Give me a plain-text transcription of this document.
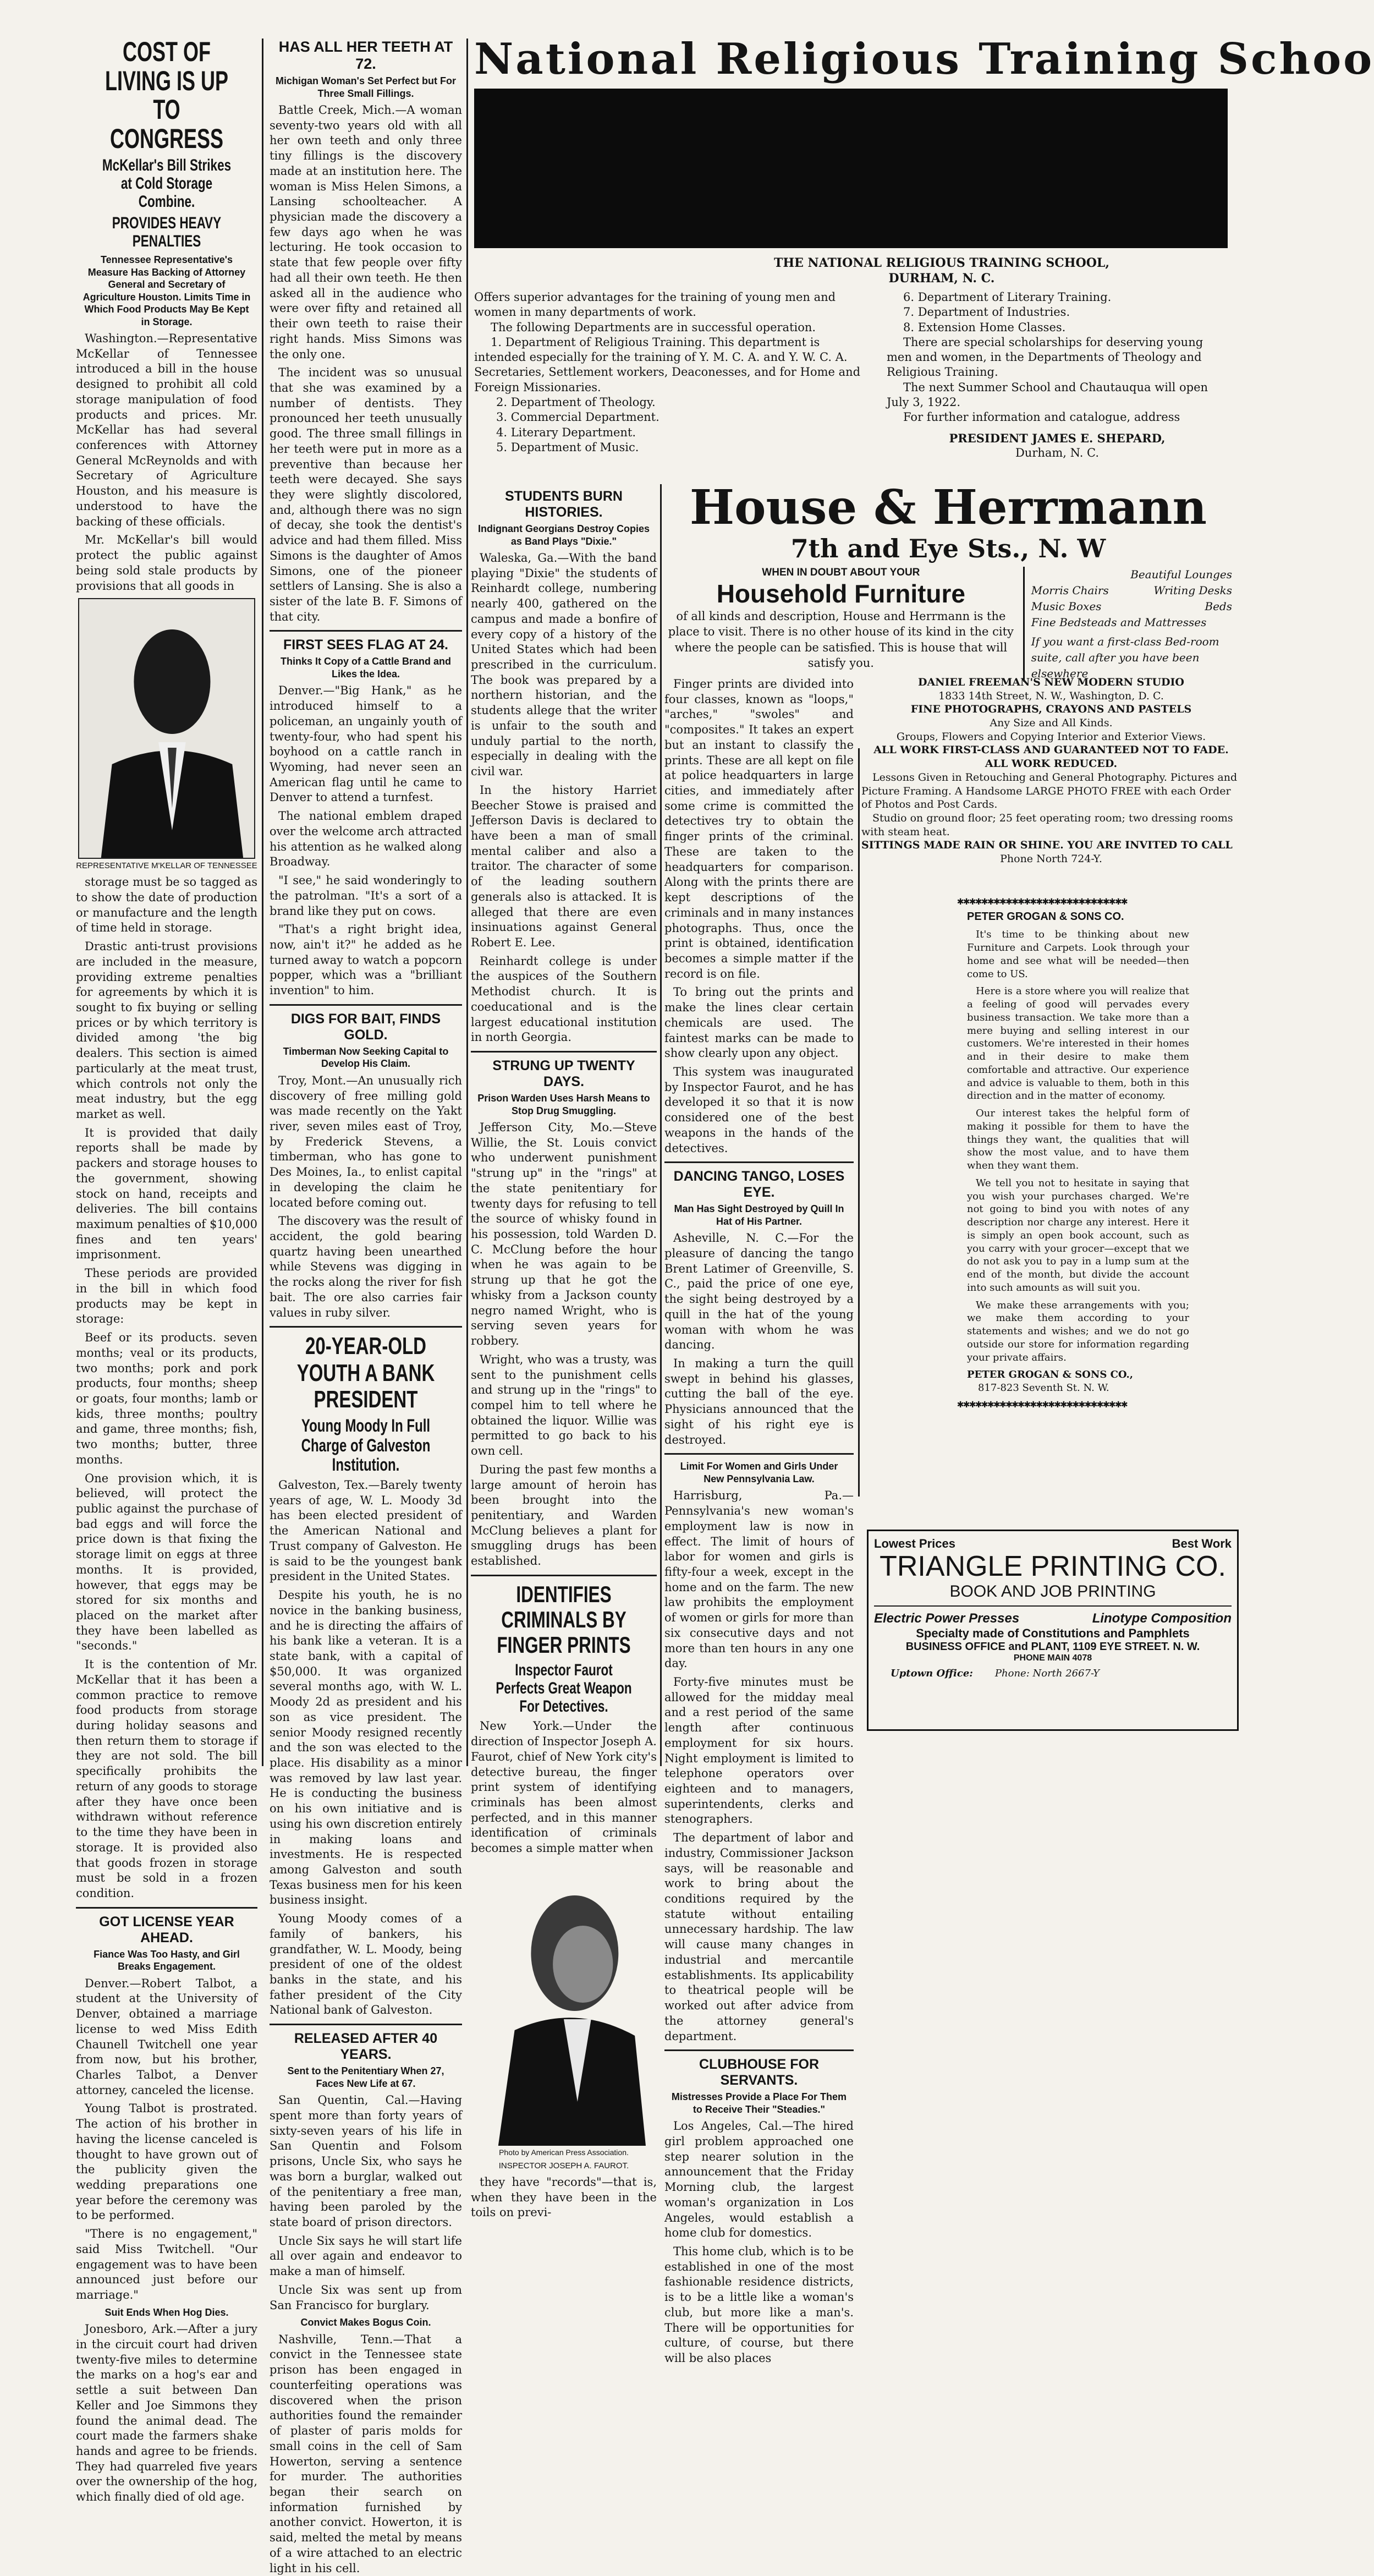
COST OF LIVING IS UP TO CONGRESS
McKellar's Bill Strikes at Cold Storage Combine.
PROVIDES HEAVY PENALTIES
Tennessee Representative's Measure Has Backing of Attorney General and Secretary of Agriculture Houston. Limits Time in Which Food Products May Be Kept in Storage.

Washington.—Representative McKellar of Tennessee introduced a bill in the house designed to prohibit all cold storage manipulation of food products and prices. Mr. McKellar has had several conferences with Attorney General McReynolds and with Secretary of Agriculture Houston, and his measure is understood to have the backing of these officials.

Mr. McKellar's bill would protect the public against being sold stale products by provisions that all goods in

REPRESENTATIVE M'KELLAR OF TENNESSEE

storage must be so tagged as to show the date of production or manufacture and the length of time held in storage.

Drastic anti-trust provisions are included in the measure, providing extreme penalties for agreements by which it is sought to fix buying or selling prices or by which territory is divided among 'the big dealers. This section is aimed particularly at the meat trust, which controls not only the meat industry, but the egg market as well.

It is provided that daily reports shall be made by packers and storage houses to the government, showing stock on hand, receipts and deliveries. The bill contains maximum penalties of $10,000 fines and ten years' imprisonment.

These periods are provided in the bill in which food products may be kept in storage:

Beef or its products. seven months; veal or its products, two months; pork and pork products, four months; sheep or goats, four months; lamb or kids, three months; poultry and game, three months; fish, two months; butter, three months.

One provision which, it is believed, will protect the public against the purchase of bad eggs and will force the price down is that fixing the storage limit on eggs at three months. It is provided, however, that eggs may be stored for six months and placed on the market after they have been labelled as "seconds."

It is the contention of Mr. McKellar that it has been a common practice to remove food products from storage during holiday seasons and then return them to storage if they are not sold. The bill specifically prohibits the return of any goods to storage after they have once been withdrawn without reference to the time they have been in storage. It is provided also that goods frozen in storage must be sold in a frozen condition.

GOT LICENSE YEAR AHEAD.
Fiance Was Too Hasty, and Girl Breaks Engagement.

Denver.—Robert Talbot, a student at the University of Denver, obtained a marriage license to wed Miss Edith Chaunell Twitchell one year from now, but his brother, Charles Talbot, a Denver attorney, canceled the license.

Young Talbot is prostrated. The action of his brother in having the license canceled is thought to have grown out of the publicity given the wedding preparations one year before the ceremony was to be performed.

"There is no engagement," said Miss Twitchell. "Our engagement was to have been announced just before our marriage."

Suit Ends When Hog Dies.

Jonesboro, Ark.—After a jury in the circuit court had driven twenty-five miles to determine the marks on a hog's ear and settle a suit between Dan Keller and Joe Simmons they found the animal dead. The court made the farmers shake hands and agree to be friends. They had quarreled five years over the ownership of the hog, which finally died of old age.

HAS ALL HER TEETH AT 72.
Michigan Woman's Set Perfect but For Three Small Fillings.

Battle Creek, Mich.—A woman seventy-two years old with all her own teeth and only three tiny fillings is the discovery made at an institution here. The woman is Miss Helen Simons, a Lansing schoolteacher. A physician made the discovery a few days ago when he was lecturing. He took occasion to state that few people over fifty had all their own teeth. He then asked all in the audience who were over fifty and retained all their own teeth to raise their right hands. Miss Simons was the only one.

The incident was so unusual that she was examined by a number of dentists. They pronounced her teeth unusually good. The three small fillings in her teeth were put in more as a preventive than because her teeth were decayed. She says they were slightly discolored, and, although there was no sign of decay, she took the dentist's advice and had them filled. Miss Simons is the daughter of Amos Simons, one of the pioneer settlers of Lansing. She is also a sister of the late B. F. Simons of that city.

FIRST SEES FLAG AT 24.
Thinks It Copy of a Cattle Brand and Likes the Idea.

Denver.—"Big Hank," as he introduced himself to a policeman, an ungainly youth of twenty-four, who had spent his boyhood on a cattle ranch in Wyoming, had never seen an American flag until he came to Denver to attend a turnfest.

The national emblem draped over the welcome arch attracted his attention as he walked along Broadway.

"I see," he said wonderingly to the patrolman. "It's a sort of a brand like they put on cows.

"That's a right bright idea, now, ain't it?" he added as he turned away to watch a popcorn popper, which was a "brilliant invention" to him.

DIGS FOR BAIT, FINDS GOLD.
Timberman Now Seeking Capital to Develop His Claim.

Troy, Mont.—An unusually rich discovery of free milling gold was made recently on the Yakt river, seven miles east of Troy, by Frederick Stevens, a timberman, who has gone to Des Moines, Ia., to enlist capital in developing the claim he located before coming out.

The discovery was the result of accident, the gold bearing quartz having been unearthed while Stevens was digging in the rocks along the river for fish bait. The ore also carries fair values in ruby silver.

20-YEAR-OLD YOUTH A BANK PRESIDENT
Young Moody In Full Charge of Galveston Institution.

Galveston, Tex.—Barely twenty years of age, W. L. Moody 3d has been elected president of the American National and Trust company of Galveston. He is said to be the youngest bank president in the United States.

Despite his youth, he is no novice in the banking business, and he is directing the affairs of his bank like a veteran. It is a state bank, with a capital of $50,000. It was organized several months ago, with W. L. Moody 2d as president and his son as vice president. The senior Moody resigned recently and the son was elected to the place. His disability as a minor was removed by law last year. He is conducting the business on his own initiative and is using his own discretion entirely in making loans and investments. He is respected among Galveston and south Texas business men for his keen business insight.

Young Moody comes of a family of bankers, his grandfather, W. L. Moody, being president of one of the oldest banks in the state, and his father president of the City National bank of Galveston.

RELEASED AFTER 40 YEARS.
Sent to the Penitentiary When 27, Faces New Life at 67.

San Quentin, Cal.—Having spent more than forty years of sixty-seven years of his life in San Quentin and Folsom prisons, Uncle Six, who says he was born a burglar, walked out of the penitentiary a free man, having been paroled by the state board of prison directors.

Uncle Six says he will start life all over again and endeavor to make a man of himself.

Uncle Six was sent up from San Francisco for burglary.

Convict Makes Bogus Coin.

Nashville, Tenn.—That a convict in the Tennessee state prison has been engaged in counterfeiting operations was discovered when the prison authorities found the remainder of plaster of paris molds for small coins in the cell of Sam Howerton, serving a sentence for murder. The authorities began their search on information furnished by another convict. Howerton, it is said, melted the metal by means of a wire attached to an electric light in his cell.

National Religious Training Schoo
THE NATIONAL RELIGIOUS TRAINING SCHOOL,
DURHAM, N. C.
Offers superior advantages for the training of young men and women in many departments of work.
The following Departments are in successful operation.
1. Department of Religious Training. This department is intended especially for the training of Y. M. C. A. and Y. W. C. A. Secretaries, Settlement workers, Deaconesses, and for Home and Foreign Missionaries.
2. Department of Theology.
3. Commercial Department.
4. Literary Department.
5. Department of Music.
6. Department of Literary Training.
7. Department of Industries.
8. Extension Home Classes.
There are special scholarships for deserving young men and women, in the Departments of Theology and Religious Training.
The next Summer School and Chautauqua will open July 3, 1922.
For further information and catalogue, address
PRESIDENT JAMES E. SHEPARD,
Durham, N. C.
STUDENTS BURN HISTORIES.
Indignant Georgians Destroy Copies as Band Plays "Dixie."

Waleska, Ga.—With the band playing "Dixie" the students of Reinhardt college, numbering nearly 400, gathered on the campus and made a bonfire of every copy of a history of the United States which had been prescribed in the curriculum. The book was prepared by a northern historian, and the students allege that the writer is unfair to the south and unduly partial to the north, especially in dealing with the civil war.

In the history Harriet Beecher Stowe is praised and Jefferson Davis is declared to have been a man of small mental caliber and also a traitor. The character of some of the leading southern generals also is attacked. It is alleged that there are even insinuations against General Robert E. Lee.

Reinhardt college is under the auspices of the Southern Methodist church. It is coeducational and is the largest educational institution in north Georgia.

STRUNG UP TWENTY DAYS.
Prison Warden Uses Harsh Means to Stop Drug Smuggling.

Jefferson City, Mo.—Steve Willie, the St. Louis convict who underwent punishment "strung up" in the "rings" at the state penitentiary for twenty days for refusing to tell the source of whisky found in his possession, told Warden D. C. McClung before the hour when he was again to be strung up that he got the whisky from a Jackson county negro named Wright, who is serving seven years for robbery.

Wright, who was a trusty, was sent to the punishment cells and strung up in the "rings" to compel him to tell where he obtained the liquor. Willie was permitted to go back to his own cell.

During the past few months a large amount of heroin has been brought into the penitentiary, and Warden McClung believes a plant for smuggling drugs has been established.

IDENTIFIES CRIMINALS BY FINGER PRINTS
Inspector Faurot Perfects Great Weapon For Detectives.

New York.—Under the direction of Inspector Joseph A. Faurot, chief of New York city's detective bureau, the finger print system of identifying criminals has been almost perfected, and in this manner identification of criminals becomes a simple matter when

Photo by American Press Association.
INSPECTOR JOSEPH A. FAUROT.

they have "records"—that is, when they have been in the toils on previ-

House & Herrmann
7th and Eye Sts., N. W
WHEN IN DOUBT ABOUT YOUR
Household Furniture
of all kinds and description, House and Herrmann is the place to visit. There is no other house of its kind in the city where the people can be satisfied. This is house that will satisfy you.
Beautiful Lounges
Morris Chairs	Writing Desks
Music Boxes	Beds
Fine Bedsteads and Mattresses
If you want a first-class Bed-room suite, call after you have been elsewhere

Finger prints are divided into four classes, known as "loops," "arches," "swoles" and "composites." It takes an expert but an instant to classify the prints. These are all kept on file at police headquarters in large cities, and immediately after some crime is committed the detectives try to obtain the finger prints of the criminal. These are taken to the headquarters for comparison. Along with the prints there are kept descriptions of the criminals and in many instances photographs. Thus, once the print is obtained, identification becomes a simple matter if the record is on file.

To bring out the prints and make the lines clear certain chemicals are used. The faintest marks can be made to show clearly upon any object.

This system was inaugurated by Inspector Faurot, and he has developed it so that it is now considered one of the best weapons in the hands of the detectives.

DANCING TANGO, LOSES EYE.
Man Has Sight Destroyed by Quill In Hat of His Partner.

Asheville, N. C.—For the pleasure of dancing the tango Brent Latimer of Greenville, S. C., paid the price of one eye, the sight being destroyed by a quill in the hat of the young woman with whom he was dancing.

In making a turn the quill swept in behind his glasses, cutting the ball of the eye. Physicians announced that the sight of his right eye is destroyed.

Limit For Women and Girls Under New Pennsylvania Law.

Harrisburg, Pa.—Pennsylvania's new woman's employment law is now in effect. The limit of hours of labor for women and girls is fifty-four a week, except in the home and on the farm. The new law prohibits the employment of women or girls for more than six consecutive days and not more than ten hours in any one day.

Forty-five minutes must be allowed for the midday meal and a rest period of the same length after continuous employment for six hours. Night employment is limited to telephone operators over eighteen and to managers, superintendents, clerks and stenographers.

The department of labor and industry, Commissioner Jackson says, will be reasonable and work to bring about the conditions required by the statute without entailing unnecessary hardship. The law will cause many changes in industrial and mercantile establishments. Its applicability to theatrical people will be worked out after advice from the attorney general's department.

CLUBHOUSE FOR SERVANTS.
Mistresses Provide a Place For Them to Receive Their "Steadies."

Los Angeles, Cal.—The hired girl problem approached one step nearer solution in the announcement that the Friday Morning club, the largest woman's organization in Los Angeles, would establish a home club for domestics.

This home club, which is to be established in one of the most fashionable residence districts, is to be a little like a woman's club, but more like a man's. There will be opportunities for culture, of course, but there will be also places

DANIEL FREEMAN'S NEW MODERN STUDIO
1833 14th Street, N. W., Washington, D. C.
FINE PHOTOGRAPHS, CRAYONS AND PASTELS
Any Size and All Kinds.
Groups, Flowers and Copying Interior and Exterior Views.
ALL WORK FIRST-CLASS AND GUARANTEED NOT TO FADE.
ALL WORK REDUCED.
Lessons Given in Retouching and General Photography. Pictures and Picture Framing. A Handsome LARGE PHOTO FREE with each Order of Photos and Post Cards.
Studio on ground floor; 25 feet operating room; two dressing rooms with steam heat.
SITTINGS MADE RAIN OR SHINE. YOU ARE INVITED TO CALL
Phone North 724-Y.
✱✱✱✱✱✱✱✱✱✱✱✱✱✱✱✱✱✱✱✱✱✱✱✱✱✱✱✱
PETER GROGAN & SONS CO.

It's time to be thinking about new Furniture and Carpets. Look through your home and see what will be needed—then come to US.

Here is a store where you will realize that a feeling of good will pervades every business transaction. We take more than a mere buying and selling interest in our customers. We're interested in their homes and in their desire to make them comfortable and attractive. Our experience and advice is valuable to them, both in this direction and in the matter of economy.

Our interest takes the helpful form of making it possible for them to have the things they want, the qualities that will show the most value, and to have them when they want them.

We tell you not to hesitate in saying that you wish your purchases charged. We're not going to bind you with notes of any description nor charge any interest. Here it is simply an open book account, such as you carry with your grocer—except that we do not ask you to pay in a lump sum at the end of the month, but divide the account into such amounts as will suit you.

We make these arrangements with you; we make them according to your statements and wishes; and we do not go outside our store for information regarding your private affairs.

PETER GROGAN & SONS CO.,
817-823 Seventh St. N. W.
✱✱✱✱✱✱✱✱✱✱✱✱✱✱✱✱✱✱✱✱✱✱✱✱✱✱✱✱
Lowest Prices	Best Work
TRIANGLE PRINTING CO.
BOOK AND JOB PRINTING
Electric Power Presses	Linotype Composition
Specialty made of Constitutions and Pamphlets
BUSINESS OFFICE and PLANT, 1109 EYE STREET. N. W.
PHONE MAIN 4078
Uptown Office: Phone: North 2667-Y
